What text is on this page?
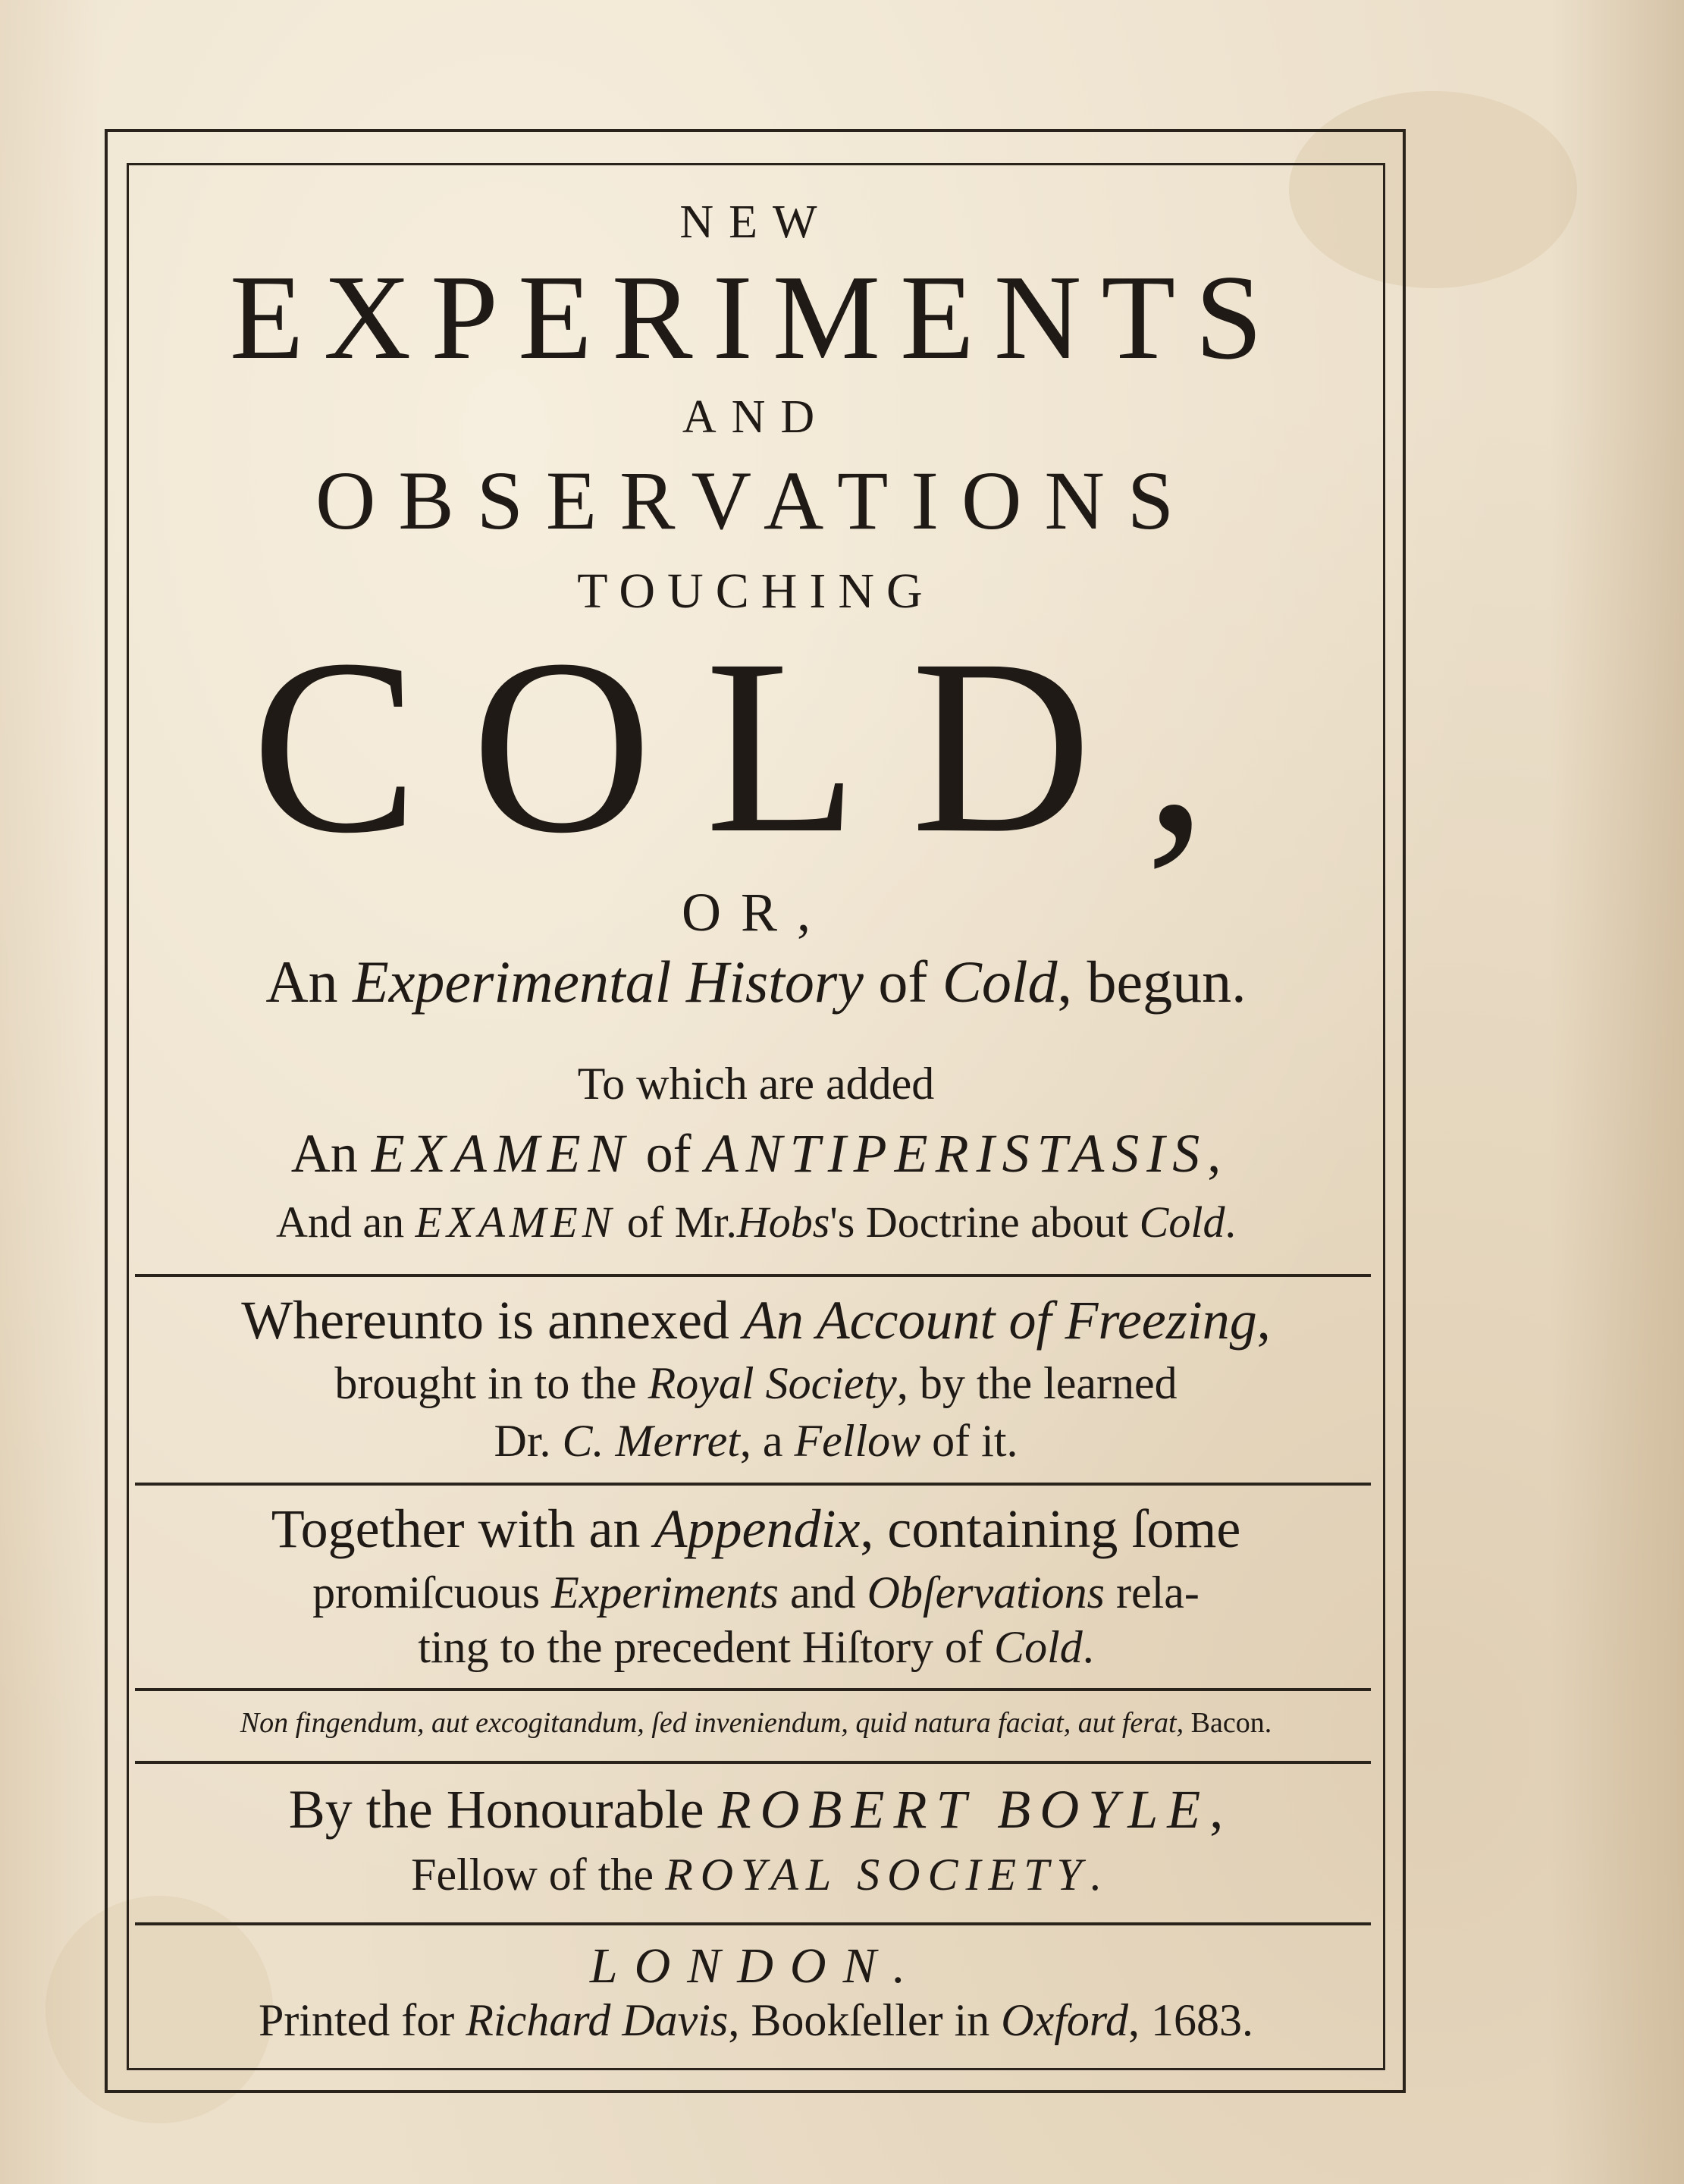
NEW
EXPERIMENTS
AND
OBSERVATIONS
TOUCHING
COLD,
OR,
An Experimental History of Cold, begun.
To which are added
An EXAMEN of ANTIPERISTASIS,
And an EXAMEN of Mr.Hobs's Doctrine about Cold.
Whereunto is annexed An Account of Freezing,
brought in to the Royal Society, by the learned
Dr. C. Merret, a Fellow of it.
Together with an Appendix, containing ſome
promiſcuous Experiments and Obſervations rela-
ting to the precedent Hiſtory of Cold.
Non fingendum, aut excogitandum, ſed inveniendum, quid natura faciat, aut ferat, Bacon.
By the Honourable ROBERT BOYLE,
Fellow of the ROYAL SOCIETY.
LONDON.
Printed for Richard Davis, Bookſeller in Oxford, 1683.
